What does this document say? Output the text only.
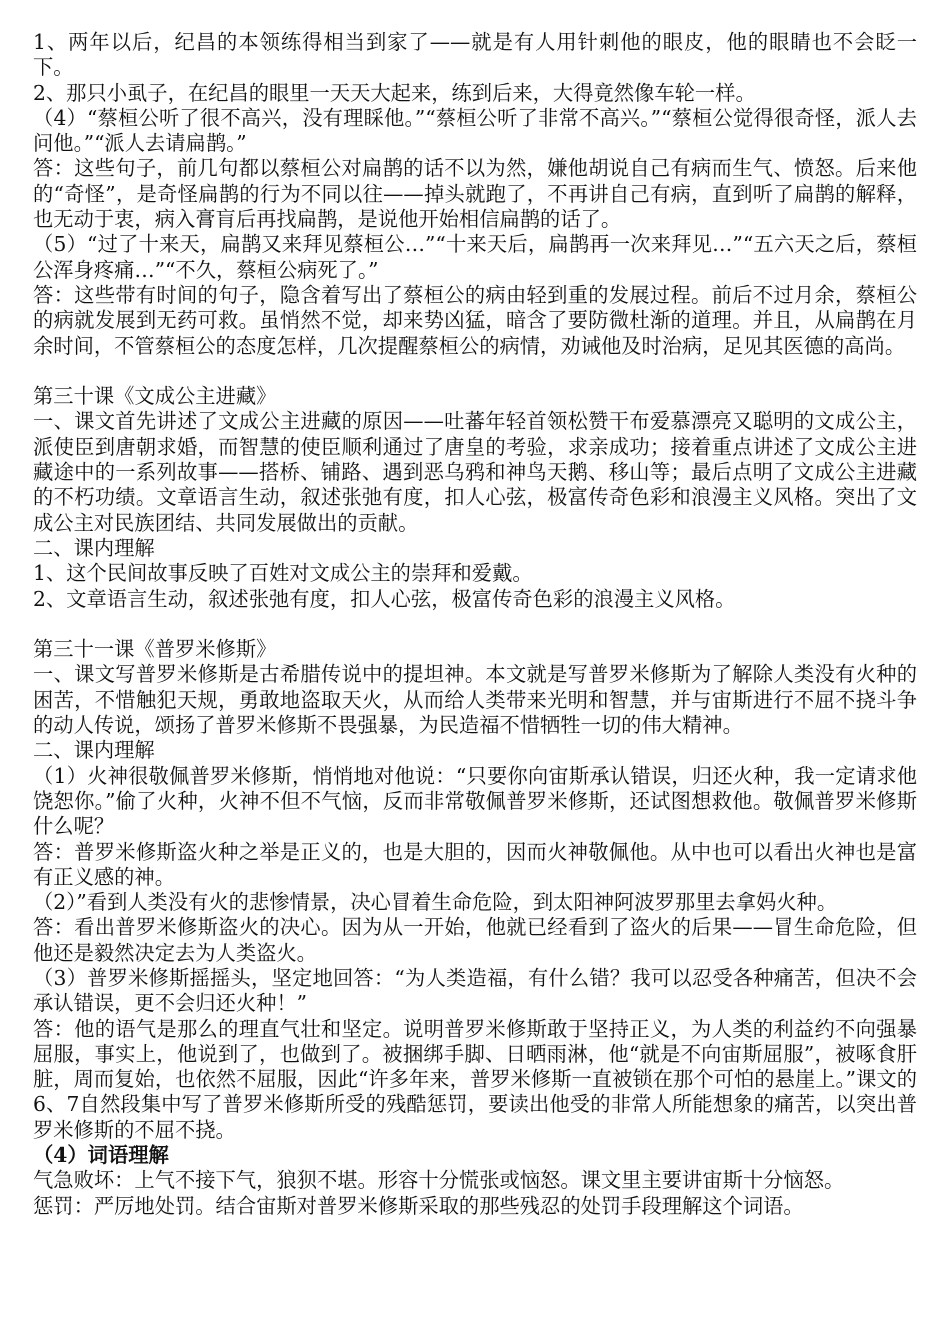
1、两年以后，纪昌的本领练得相当到家了——就是有人用针刺他的眼皮，他的眼睛也不会眨一下。
2、那只小虱子，在纪昌的眼里一天天大起来，练到后来，大得竟然像车轮一样。
（4）“蔡桓公听了很不高兴，没有理睬他。”“蔡桓公听了非常不高兴。”“蔡桓公觉得很奇怪，派人去问他。”“派人去请扁鹊。”
答：这些句子，前几句都以蔡桓公对扁鹊的话不以为然，嫌他胡说自己有病而生气、愤怒。后来他的“奇怪”，是奇怪扁鹊的行为不同以往——掉头就跑了，不再讲自己有病，直到听了扁鹊的解释，也无动于衷，病入膏肓后再找扁鹊，是说他开始相信扁鹊的话了。
（5）“过了十来天，扁鹊又来拜见蔡桓公…”“十来天后，扁鹊再一次来拜见…”“五六天之后，蔡桓公浑身疼痛…”“不久，蔡桓公病死了。”
答：这些带有时间的句子，隐含着写出了蔡桓公的病由轻到重的发展过程。前后不过月余，蔡桓公的病就发展到无药可救。虽悄然不觉，却来势凶猛，暗含了要防微杜渐的道理。并且，从扁鹊在月余时间，不管蔡桓公的态度怎样，几次提醒蔡桓公的病情，劝诫他及时治病，足见其医德的高尚。
第三十课《文成公主进藏》
一、课文首先讲述了文成公主进藏的原因——吐蕃年轻首领松赞干布爱慕漂亮又聪明的文成公主，派使臣到唐朝求婚，而智慧的使臣顺利通过了唐皇的考验，求亲成功；接着重点讲述了文成公主进藏途中的一系列故事——搭桥、铺路、遇到恶乌鸦和神鸟天鹅、移山等；最后点明了文成公主进藏的不朽功绩。文章语言生动，叙述张弛有度，扣人心弦，极富传奇色彩和浪漫主义风格。突出了文成公主对民族团结、共同发展做出的贡献。
二、课内理解
1、这个民间故事反映了百姓对文成公主的崇拜和爱戴。
2、文章语言生动，叙述张弛有度，扣人心弦，极富传奇色彩的浪漫主义风格。
第三十一课《普罗米修斯》
一、课文写普罗米修斯是古希腊传说中的提坦神。本文就是写普罗米修斯为了解除人类没有火种的困苦，不惜触犯天规，勇敢地盗取天火，从而给人类带来光明和智慧，并与宙斯进行不屈不挠斗争的动人传说，颂扬了普罗米修斯不畏强暴，为民造福不惜牺牲一切的伟大精神。
二、课内理解
（1）火神很敬佩普罗米修斯，悄悄地对他说：“只要你向宙斯承认错误，归还火种，我一定请求他饶恕你。”偷了火种，火神不但不气恼，反而非常敬佩普罗米修斯，还试图想救他。敬佩普罗米修斯什么呢？
答：普罗米修斯盗火种之举是正义的，也是大胆的，因而火神敬佩他。从中也可以看出火神也是富有正义感的神。
（2）”看到人类没有火的悲惨情景，决心冒着生命危险，到太阳神阿波罗那里去拿妈火种。
答：看出普罗米修斯盗火的决心。因为从一开始，他就已经看到了盗火的后果——冒生命危险，但他还是毅然决定去为人类盗火。
（3）普罗米修斯摇摇头，坚定地回答：“为人类造福，有什么错？我可以忍受各种痛苦，但决不会承认错误，更不会归还火种！”
答：他的语气是那么的理直气壮和坚定。说明普罗米修斯敢于坚持正义，为人类的利益约不向强暴屈服，事实上，他说到了，也做到了。被捆绑手脚、日晒雨淋，他“就是不向宙斯屈服”，被啄食肝脏，周而复始，也依然不屈服，因此“许多年来，普罗米修斯一直被锁在那个可怕的悬崖上。”课文的6、7自然段集中写了普罗米修斯所受的残酷惩罚，要读出他受的非常人所能想象的痛苦，以突出普罗米修斯的不屈不挠。
（4）词语理解
气急败坏：上气不接下气，狼狈不堪。形容十分慌张或恼怒。课文里主要讲宙斯十分恼怒。
惩罚：严厉地处罚。结合宙斯对普罗米修斯采取的那些残忍的处罚手段理解这个词语。
